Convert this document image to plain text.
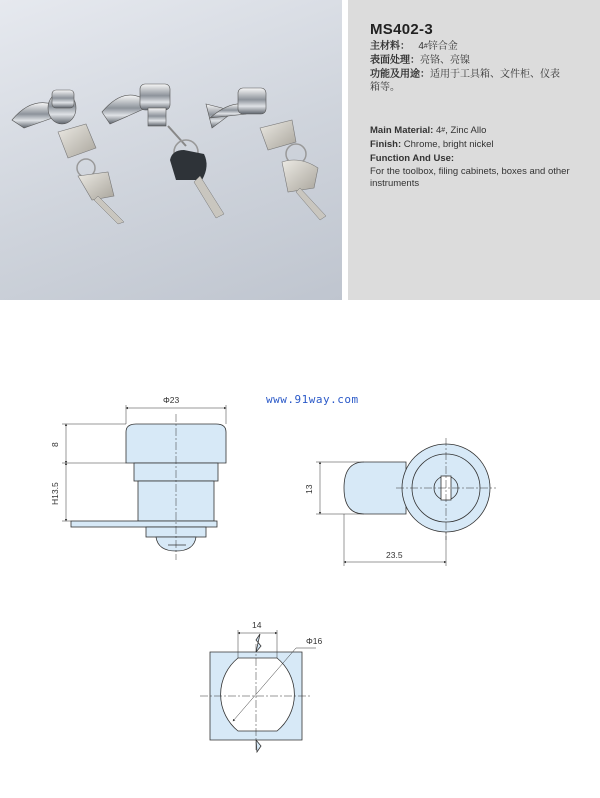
MS402-3
主材料： 4#锌合金
表面处理：亮铬、亮镍
功能及用途：适用于工具箱、文件柜、仪表
箱等。
Main Material: 4#, Zinc Allo
Finish: Chrome, bright nickel
Function And Use:
For the toolbox, filing cabinets, boxes and other instruments
www.91way.com
Φ23
8
H13.5	13
23.5
14
Φ16
